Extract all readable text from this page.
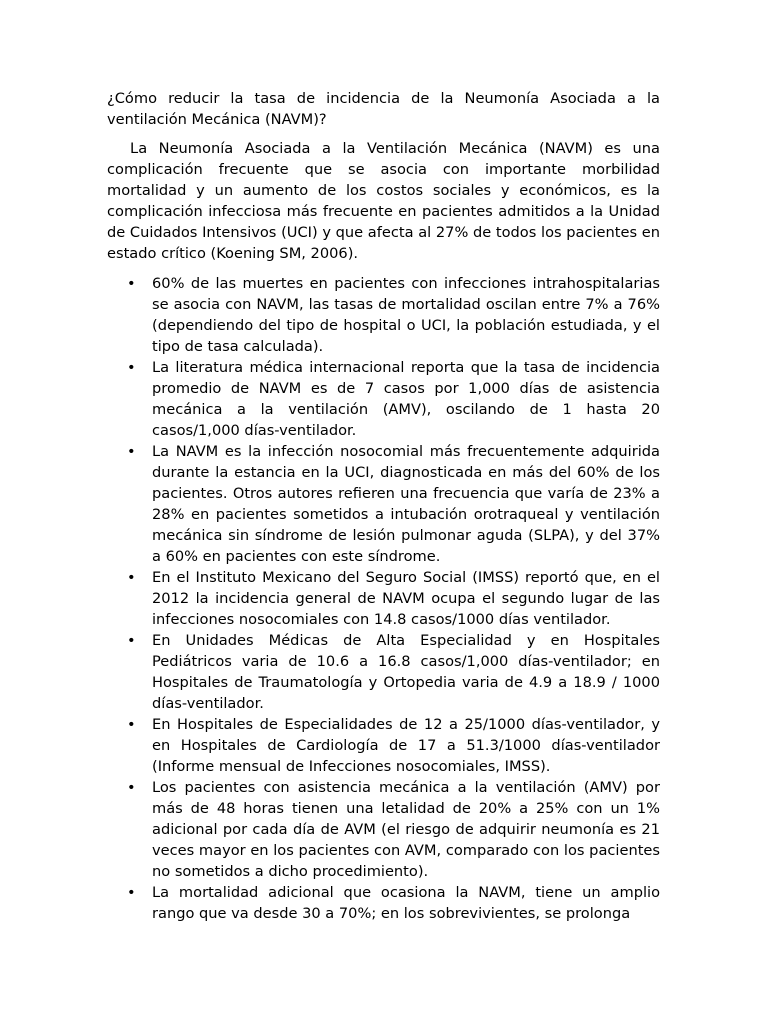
¿Cómo reducir la tasa de incidencia de la Neumonía Asociada a la ventilación Mecánica (NAVM)?

La Neumonía Asociada a la Ventilación Mecánica (NAVM) es una complicación frecuente que se asocia con importante morbilidad mortalidad y un aumento de los costos sociales y económicos, es la complicación infecciosa más frecuente en pacientes admitidos a la Unidad de Cuidados Intensivos (UCI) y que afecta al 27% de todos los pacientes en estado crítico (Koening SM, 2006).

• 60% de las muertes en pacientes con infecciones intrahospitalarias se asocia con NAVM, las tasas de mortalidad oscilan entre 7% a 76% (dependiendo del tipo de hospital o UCI, la población estudiada, y el tipo de tasa calculada).
• La literatura médica internacional reporta que la tasa de incidencia promedio de NAVM es de 7 casos por 1,000 días de asistencia mecánica a la ventilación (AMV), oscilando de 1 hasta 20 casos/1,000 días-ventilador.
• La NAVM es la infección nosocomial más frecuentemente adquirida durante la estancia en la UCI, diagnosticada en más del 60% de los pacientes. Otros autores refieren una frecuencia que varía de 23% a 28% en pacientes sometidos a intubación orotraqueal y ventilación mecánica sin síndrome de lesión pulmonar aguda (SLPA), y del 37% a 60% en pacientes con este síndrome.
• En el Instituto Mexicano del Seguro Social (IMSS) reportó que, en el 2012 la incidencia general de NAVM ocupa el segundo lugar de las infecciones nosocomiales con 14.8 casos/1000 días ventilador.
• En Unidades Médicas de Alta Especialidad y en Hospitales Pediátricos varia de 10.6 a 16.8 casos/1,000 días-ventilador; en Hospitales de Traumatología y Ortopedia varia de 4.9 a 18.9 / 1000 días-ventilador.
• En Hospitales de Especialidades de 12 a 25/1000 días-ventilador, y en Hospitales de Cardiología de 17 a 51.3/1000 días-ventilador (Informe mensual de Infecciones nosocomiales, IMSS).
• Los pacientes con asistencia mecánica a la ventilación (AMV) por más de 48 horas tienen una letalidad de 20% a 25% con un 1% adicional por cada día de AVM (el riesgo de adquirir neumonía es 21 veces mayor en los pacientes con AVM, comparado con los pacientes no sometidos a dicho procedimiento).
• La mortalidad adicional que ocasiona la NAVM, tiene un amplio rango que va desde 30 a 70%; en los sobrevivientes, se prolonga
